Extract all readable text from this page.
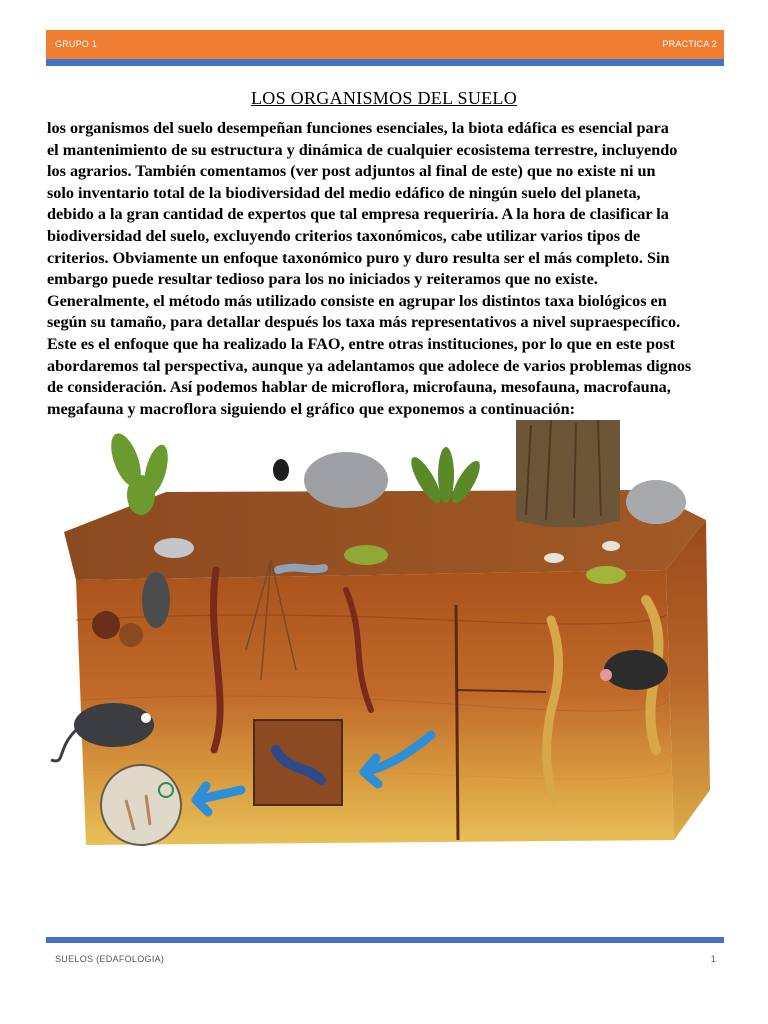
GRUPO 1	PRACTICA 2
LOS ORGANISMOS DEL SUELO
los organismos del suelo desempeñan funciones esenciales, la biota edáfica es esencial para
el mantenimiento de su estructura y dinámica de cualquier ecosistema terrestre, incluyendo
los agrarios. También comentamos (ver post adjuntos al final de este) que no existe ni un
solo inventario total de la biodiversidad del medio edáfico de ningún suelo del planeta,
debido a la gran cantidad de expertos que tal empresa requeriría. A la hora de clasificar la
biodiversidad del suelo, excluyendo criterios taxonómicos, cabe utilizar varios tipos de
criterios. Obviamente un enfoque taxonómico puro y duro resulta ser el más completo. Sin
embargo puede resultar tedioso para los no iniciados y reiteramos que no existe.
Generalmente, el método más utilizado consiste en agrupar los distintos taxa biológicos en
según su tamaño, para detallar después los taxa más representativos a nivel supraespecífico.
Este es el enfoque que ha realizado la FAO, entre otras instituciones, por lo que en este post
abordaremos tal perspectiva, aunque ya adelantamos que adolece de varios problemas dignos
de consideración. Así podemos hablar de microflora, microfauna, mesofauna, macrofauna,
megafauna y macroflora siguiendo el gráfico que exponemos a continuación:
SUELOS (EDAFOLOGIA)	1
